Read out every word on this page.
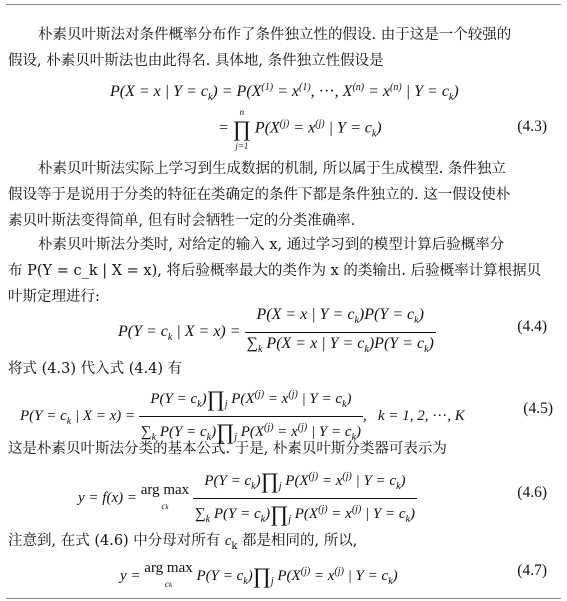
朴素贝叶斯法对条件概率分布作了条件独立性的假设. 由于这是一个较强的
假设, 朴素贝叶斯法也由此得名. 具体地, 条件独立性假设是
P(X = x | $Y = c_k) = P(X^{(1)} = x^{(1)}$, ···, $X^{(n)} = x^{(n)}$ | $Y = c_k$)
=
n
∏
j=1
$P(X^{(j)} = x^{(j)}$ | $Y = c_k$)	(4.3)
朴素贝叶斯法实际上学习到生成数据的机制, 所以属于生成模型. 条件独立
假设等于是说用于分类的特征在类确定的条件下都是条件独立的. 这一假设使朴
素贝叶斯法变得简单, 但有时会牺牲一定的分类准确率.
朴素贝叶斯法分类时, 对给定的输入 x, 通过学习到的模型计算后验概率分
布 P(Y = c_k | X = x), 将后验概率最大的类作为 x 的类输出. 后验概率计算根据贝
叶斯定理进行:
$P(Y = c_k$ | $X = x) = \frac{P(X = x | Y = c_k)P(Y = c_k)}{\sum_k P(X = x | Y = c_k)P(Y = c_k)}$	(4.4)
将式 (4.3) 代入式 (4.4) 有
$P(Y = c_k$ | $X = x) = \frac{P(Y = c_k)\prod_j P(X^{(j)} = x^{(j)} | Y = c_k)}{\sum_k P(Y = c_k)\prod_j P(X^{(j)} = x^{(j)} | Y = c_k)}$ ,   k = 1, 2, ···, K	(4.5)
这是朴素贝叶斯法分类的基本公式. 于是, 朴素贝叶斯分类器可表示为
y = f(x) = arg max
ck
	$\frac{P(Y = c_k)\prod_j P(X^{(j)} = x^{(j)} | Y = c_k)}{\sum_k P(Y = c_k)\prod_j P(X^{(j)} = x^{(j)} | Y = c_k)}$	(4.6)
注意到, 在式 (4.6) 中分母对所有 $c_k$ 都是相同的, 所以,
y = arg max
ck
$P(Y = c_k)\prod_j$ $P(X^{(j)} = x^{(j)}$ | $Y = c_k$)	(4.7)
